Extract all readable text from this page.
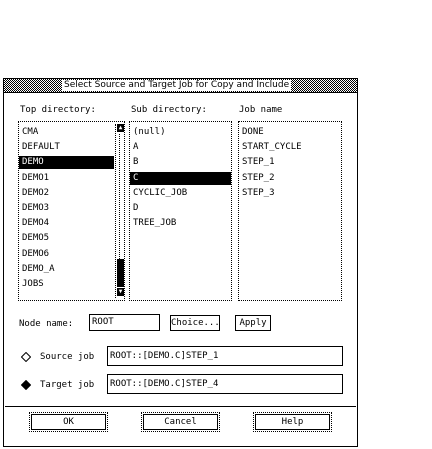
Select Source and Target Job for Copy and Include
Top directory:	Sub directory:	Job name
CMA
DEFAULT
DEMO
DEMO1
DEMO2
DEMO3
DEMO4
DEMO5
DEMO6
DEMO_A
JOBS
▲
▼
(null)
A
B
C
CYCLIC_JOB
D
TREE_JOB
DONE
START_CYCLE
STEP_1
STEP_2
STEP_3
Node name:	ROOT	Choice...	Apply
Source job	ROOT::[DEMO.C]STEP_1
Target job	ROOT::[DEMO.C]STEP_4
OK	Cancel	Help
